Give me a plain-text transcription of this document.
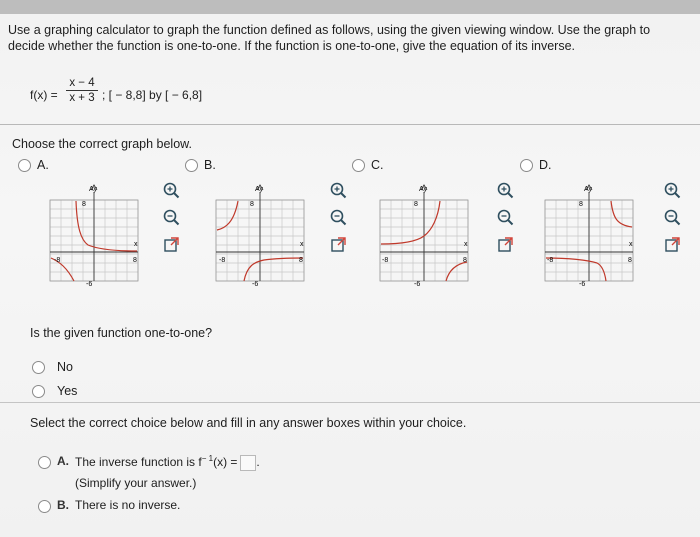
Use a graphing calculator to graph the function defined as follows, using the given viewing window. Use the graph to decide whether the function is one-to-one. If the function is one-to-one, give the equation of its inverse.
$f(x) = \frac{x - 4}{x + 3}$ ; [ − 8,8] by [ − 6,8]
Choose the correct graph below.
A.	B.	C.	D.
Ay
8
-8	8
-6
x
Ay
8
-8	8
-6
x
Ay
8
-8	8
-6
x
Ay
8
-8	8
-6
x
Is the given function one-to-one?
No
Yes
Select the correct choice below and fill in any answer boxes within your choice.
A. The inverse function is $f^{- 1}(x)$ = .
(Simplify your answer.)
B. There is no inverse.
